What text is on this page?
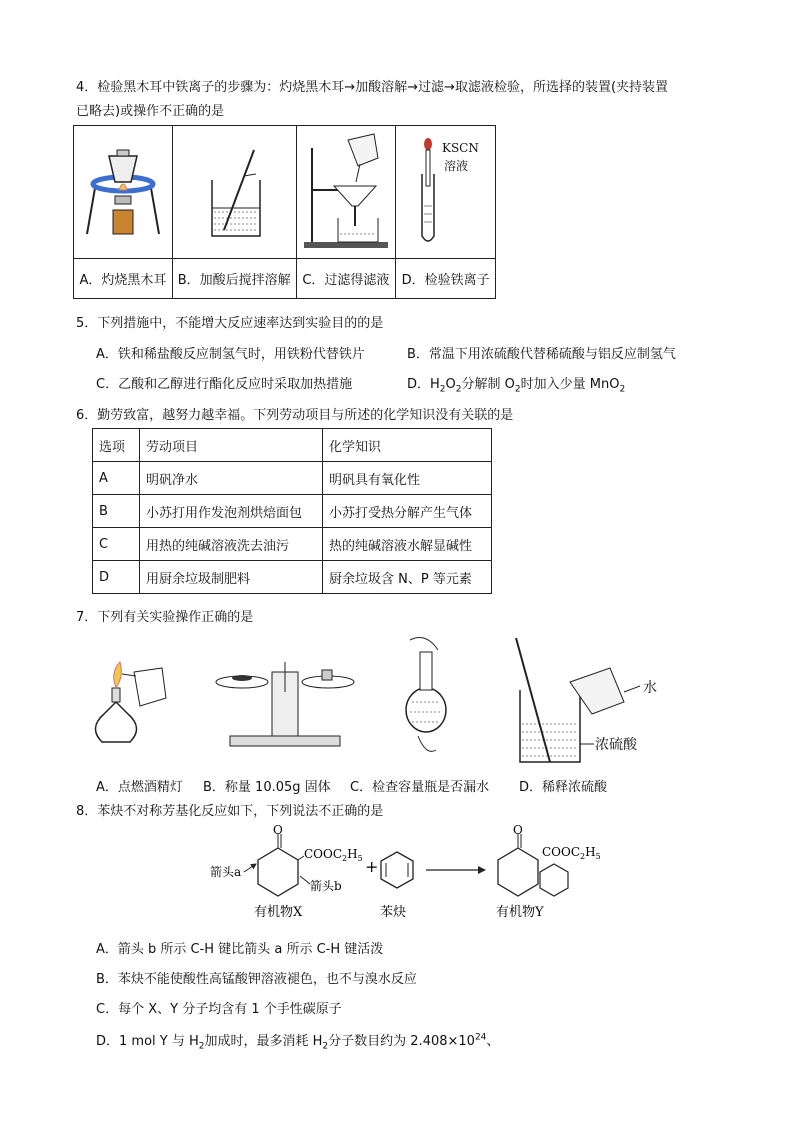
4．检验黑木耳中铁离子的步骤为：灼烧黑木耳→加酸溶解→过滤→取滤液检验，所选择的装置(夹持装置
已略去)或操作不正确的是

KSCN
溶液

A．灼烧黑木耳	B．加酸后搅拌溶解	C．过滤得滤液	D．检验铁离子
5．下列措施中，不能增大反应速率达到实验目的的是
A．铁和稀盐酸反应制氢气时，用铁粉代替铁片	B．常温下用浓硫酸代替稀硫酸与铝反应制氢气
C．乙酸和乙醇进行酯化反应时采取加热措施	D．$H_2O_2$分解制 $O_2$时加入少量 MnO$_2$
6．勤劳致富，越努力越幸福。下列劳动项目与所述的化学知识没有关联的是
选项	劳动项目	化学知识
A	明矾净水	明矾具有氧化性
B	小苏打用作发泡剂烘焙面包	小苏打受热分解产生气体
C	用热的纯碱溶液洗去油污	热的纯碱溶液水解显碱性
D	用厨余垃圾制肥料	厨余垃圾含 N、P 等元素
7．下列有关实验操作正确的是
水
浓硫酸
A．点燃酒精灯 B．称量 10.05g 固体 C．检查容量瓶是否漏水 D．稀释浓硫酸
8．苯炔不对称芳基化反应如下，下列说法不正确的是
O
$COOC_2H_5$
箭头a
箭头b
有机物X
+
苯炔
O
$COOC_2H_5$
有机物Y
A．箭头 b 所示 C-H 键比箭头 a 所示 C-H 键活泼
B．苯炔不能使酸性高锰酸钾溶液褪色，也不与溴水反应
C．每个 X、Y 分子均含有 1 个手性碳原子
D．1 mol Y 与 $H_2$加成时，最多消耗 $H_2$分子数目约为 $2.408\times 10^{24}$、
